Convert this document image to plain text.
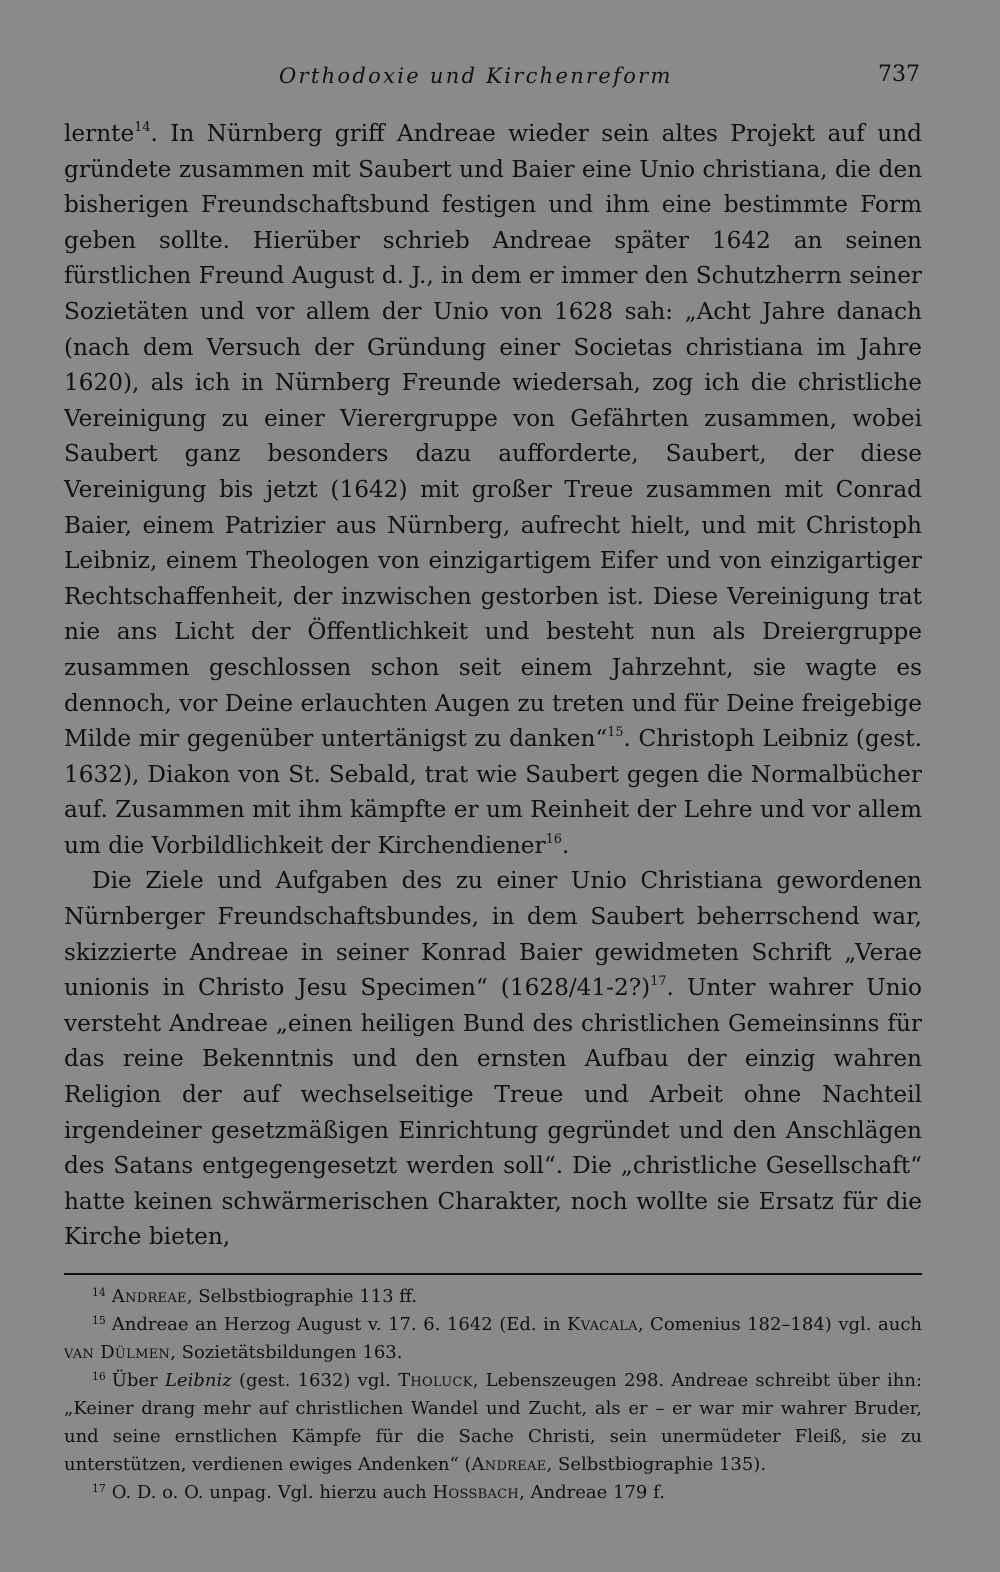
Orthodoxie und Kirchenreform	737

lernte$^{14}$. In Nürnberg griff Andreae wieder sein altes Projekt auf und gründete zusammen mit Saubert und Baier eine Unio christiana, die den bisherigen Freundschaftsbund festigen und ihm eine bestimmte Form geben sollte. Hierüber schrieb Andreae später 1642 an seinen fürstlichen Freund August d. J., in dem er immer den Schutzherrn seiner Sozietäten und vor allem der Unio von 1628 sah: „Acht Jahre danach (nach dem Versuch der Gründung einer Societas christiana im Jahre 1620), als ich in Nürnberg Freunde wiedersah, zog ich die christliche Vereinigung zu einer Vierergruppe von Gefährten zusammen, wobei Saubert ganz besonders dazu aufforderte, Saubert, der diese Vereinigung bis jetzt (1642) mit großer Treue zusammen mit Conrad Baier, einem Patrizier aus Nürnberg, aufrecht hielt, und mit Christoph Leibniz, einem Theologen von einzigartigem Eifer und von einzigartiger Rechtschaffenheit, der inzwischen gestorben ist. Diese Vereinigung trat nie ans Licht der Öffentlichkeit und besteht nun als Dreiergruppe zusammen geschlossen schon seit einem Jahrzehnt, sie wagte es dennoch, vor Deine erlauchten Augen zu treten und für Deine freigebige Milde mir gegenüber untertänigst zu danken“$^{15}$. Christoph Leibniz (gest. 1632), Diakon von St. Sebald, trat wie Saubert gegen die Normalbücher auf. Zusammen mit ihm kämpfte er um Reinheit der Lehre und vor allem um die Vorbildlichkeit der Kirchendiener$^{16}$.

Die Ziele und Aufgaben des zu einer Unio Christiana gewordenen Nürnberger Freundschaftsbundes, in dem Saubert beherrschend war, skizzierte Andreae in seiner Konrad Baier gewidmeten Schrift „Verae unionis in Christo Jesu Specimen“ (1628/41-2?)$^{17}$. Unter wahrer Unio versteht Andreae „einen heiligen Bund des christlichen Gemeinsinns für das reine Bekenntnis und den ernsten Aufbau der einzig wahren Religion der auf wechselseitige Treue und Arbeit ohne Nachteil irgendeiner gesetzmäßigen Einrichtung gegründet und den Anschlägen des Satans entgegengesetzt werden soll“. Die „christliche Gesellschaft“ hatte keinen schwärmerischen Charakter, noch wollte sie Ersatz für die Kirche bieten,

$^{14}$ Andreae, Selbstbiographie 113 ff.

$^{15}$ Andreae an Herzog August v. 17. 6. 1642 (Ed. in Kvacala, Comenius 182–184) vgl. auch van Dülmen, Sozietätsbildungen 163.

$^{16}$ Über Leibniz (gest. 1632) vgl. Tholuck, Lebenszeugen 298. Andreae schreibt über ihn: „Keiner drang mehr auf christlichen Wandel und Zucht, als er – er war mir wahrer Bruder, und seine ernstlichen Kämpfe für die Sache Christi, sein unermüdeter Fleiß, sie zu unterstützen, verdienen ewiges Andenken“ (Andreae, Selbstbiographie 135).

$^{17}$ O. D. o. O. unpag. Vgl. hierzu auch Hossbach, Andreae 179 f.
